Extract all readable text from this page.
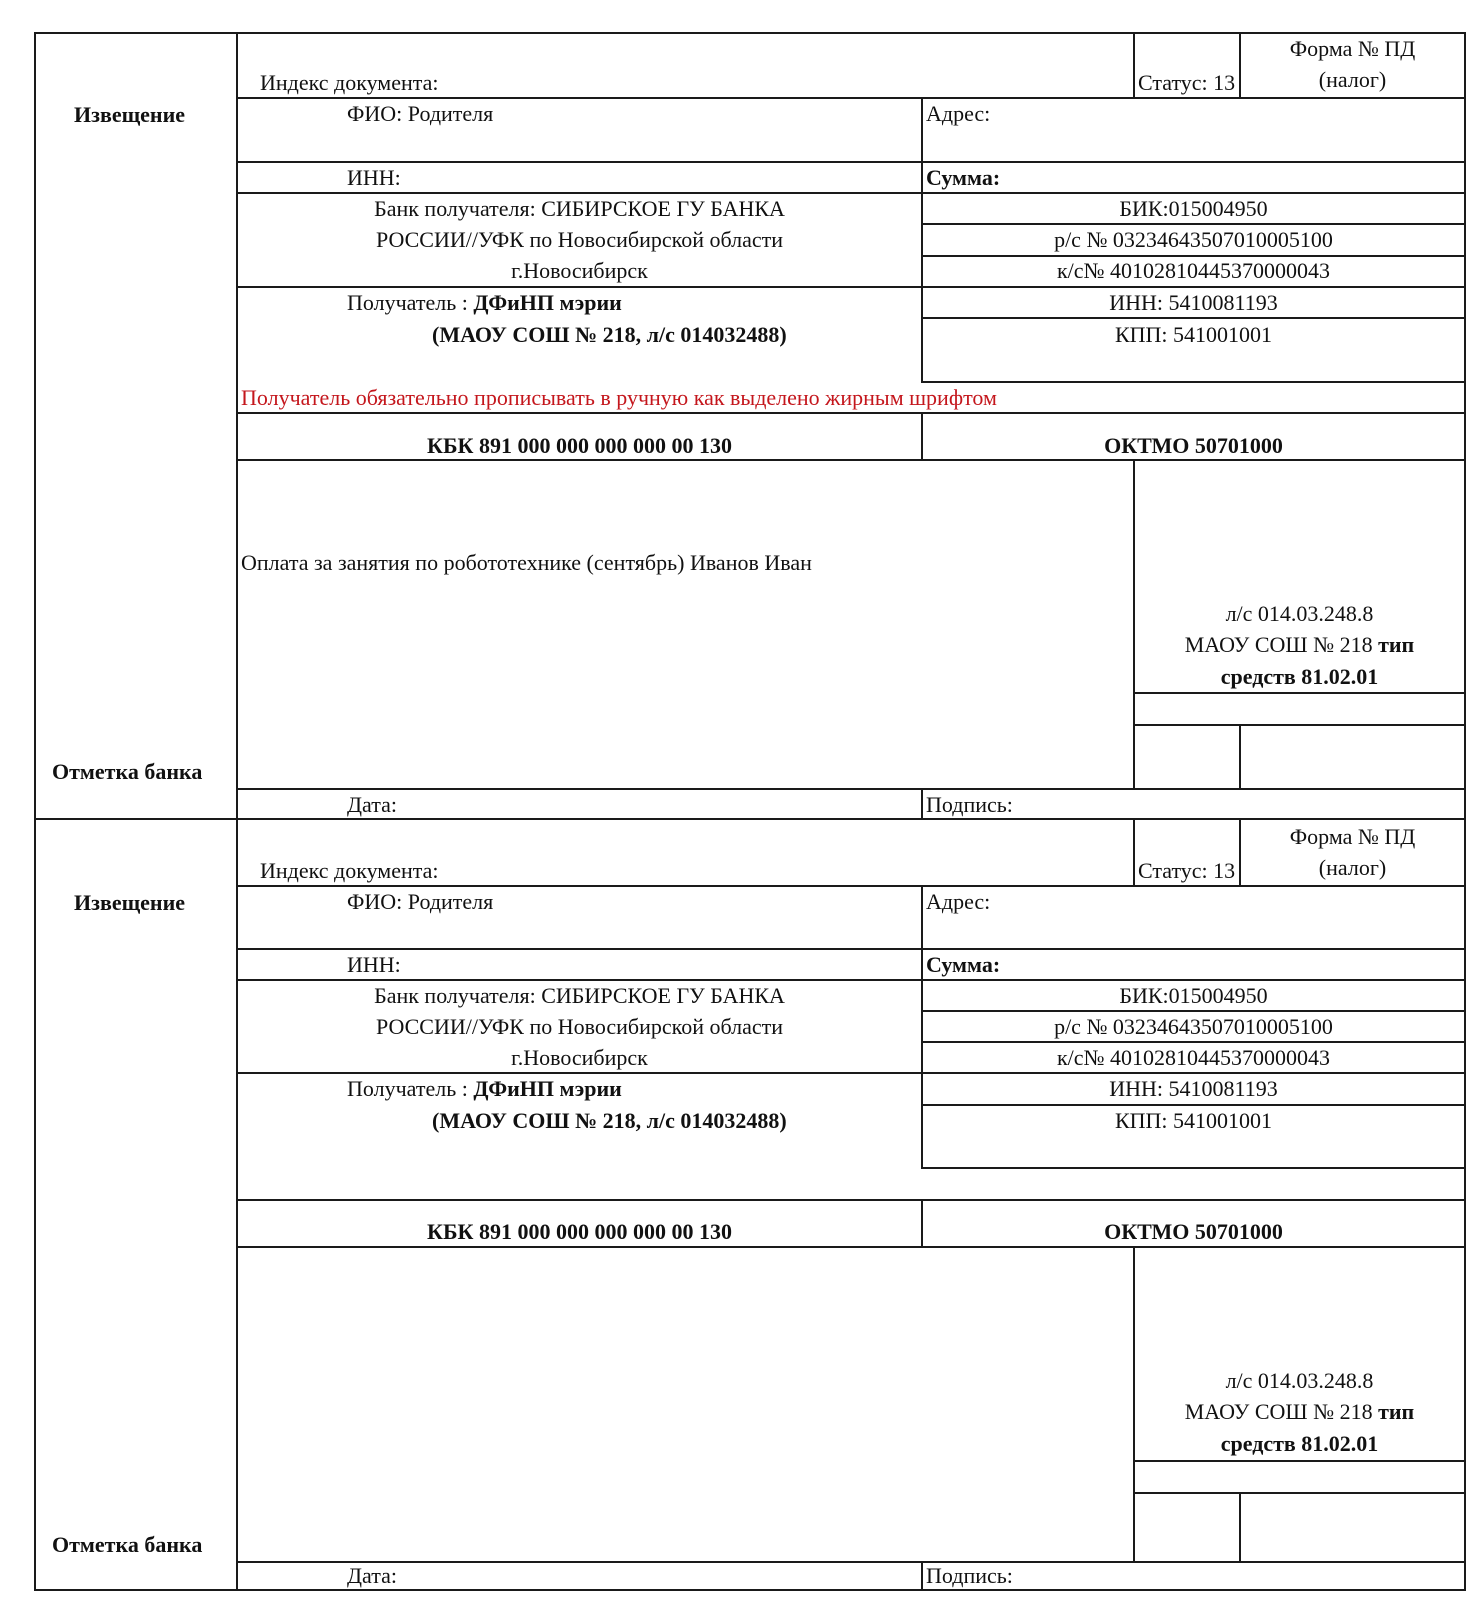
Извещение
Отметка банка
Индекс документа:	Статус: 13
Форма № ПД
(налог)
ФИО: Родителя	Адрес:
ИНН:	Сумма:
Банк получателя: СИБИРСКОЕ ГУ БАНКА
РОССИИ//УФК по Новосибирской области
г.Новосибирск
БИК:015004950
р/с № 03234643507010005100
к/с№ 40102810445370000043
Получатель : ДФиНП мэрии
(МАОУ СОШ № 218, л/с 014032488)
ИНН: 5410081193
КПП: 541001001
Получатель обязательно прописывать в ручную как выделено жирным шрифтом
КБК 891 000 000 000 000 00 130	ОКТМО 50701000
Оплата за занятия по робототехнике (сентябрь) Иванов Иван
л/с 014.03.248.8
МАОУ СОШ № 218 тип
средств 81.02.01
Дата:	Подпись:
Извещение
Отметка банка
Индекс документа:	Статус: 13
Форма № ПД
(налог)
ФИО: Родителя	Адрес:
ИНН:	Сумма:
Банк получателя: СИБИРСКОЕ ГУ БАНКА
РОССИИ//УФК по Новосибирской области
г.Новосибирск
БИК:015004950
р/с № 03234643507010005100
к/с№ 40102810445370000043
Получатель : ДФиНП мэрии
(МАОУ СОШ № 218, л/с 014032488)
ИНН: 5410081193
КПП: 541001001
КБК 891 000 000 000 000 00 130	ОКТМО 50701000
л/с 014.03.248.8
МАОУ СОШ № 218 тип
средств 81.02.01
Дата:	Подпись:
